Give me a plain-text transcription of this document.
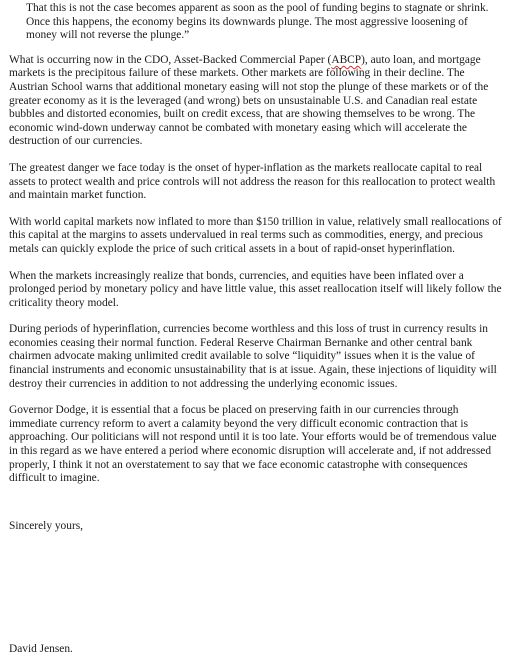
That this is not the case becomes apparent as soon as the pool of funding begins to stagnate or shrink. Once this happens, the economy begins its downwards plunge. The most aggressive loosening of money will not reverse the plunge.”

What is occurring now in the CDO, Asset-Backed Commercial Paper (ABCP), auto loan, and mortgage markets is the precipitous failure of these markets. Other markets are following in their decline. The Austrian School warns that additional monetary easing will not stop the plunge of these markets or of the greater economy as it is the leveraged (and wrong) bets on unsustainable U.S. and Canadian real estate bubbles and distorted economies, built on credit excess, that are showing themselves to be wrong. The economic wind-down underway cannot be combated with monetary easing which will accelerate the destruction of our currencies.

The greatest danger we face today is the onset of hyper-inflation as the markets reallocate capital to real assets to protect wealth and price controls will not address the reason for this reallocation to protect wealth and maintain market function.

With world capital markets now inflated to more than $150 trillion in value, relatively small reallocations of this capital at the margins to assets undervalued in real terms such as commodities, energy, and precious metals can quickly explode the price of such critical assets in a bout of rapid-onset hyperinflation.

When the markets increasingly realize that bonds, currencies, and equities have been inflated over a prolonged period by monetary policy and have little value, this asset reallocation itself will likely follow the criticality theory model.

During periods of hyperinflation, currencies become worthless and this loss of trust in currency results in economies ceasing their normal function. Federal Reserve Chairman Bernanke and other central bank chairmen advocate making unlimited credit available to solve “liquidity” issues when it is the value of financial instruments and economic unsustainability that is at issue. Again, these injections of liquidity will destroy their currencies in addition to not addressing the underlying economic issues.

Governor Dodge, it is essential that a focus be placed on preserving faith in our currencies through immediate currency reform to avert a calamity beyond the very difficult economic contraction that is approaching. Our politicians will not respond until it is too late. Your efforts would be of tremendous value in this regard as we have entered a period where economic disruption will accelerate and, if not addressed properly, I think it not an overstatement to say that we face economic catastrophe with consequences difficult to imagine.

Sincerely yours,

David Jensen.
